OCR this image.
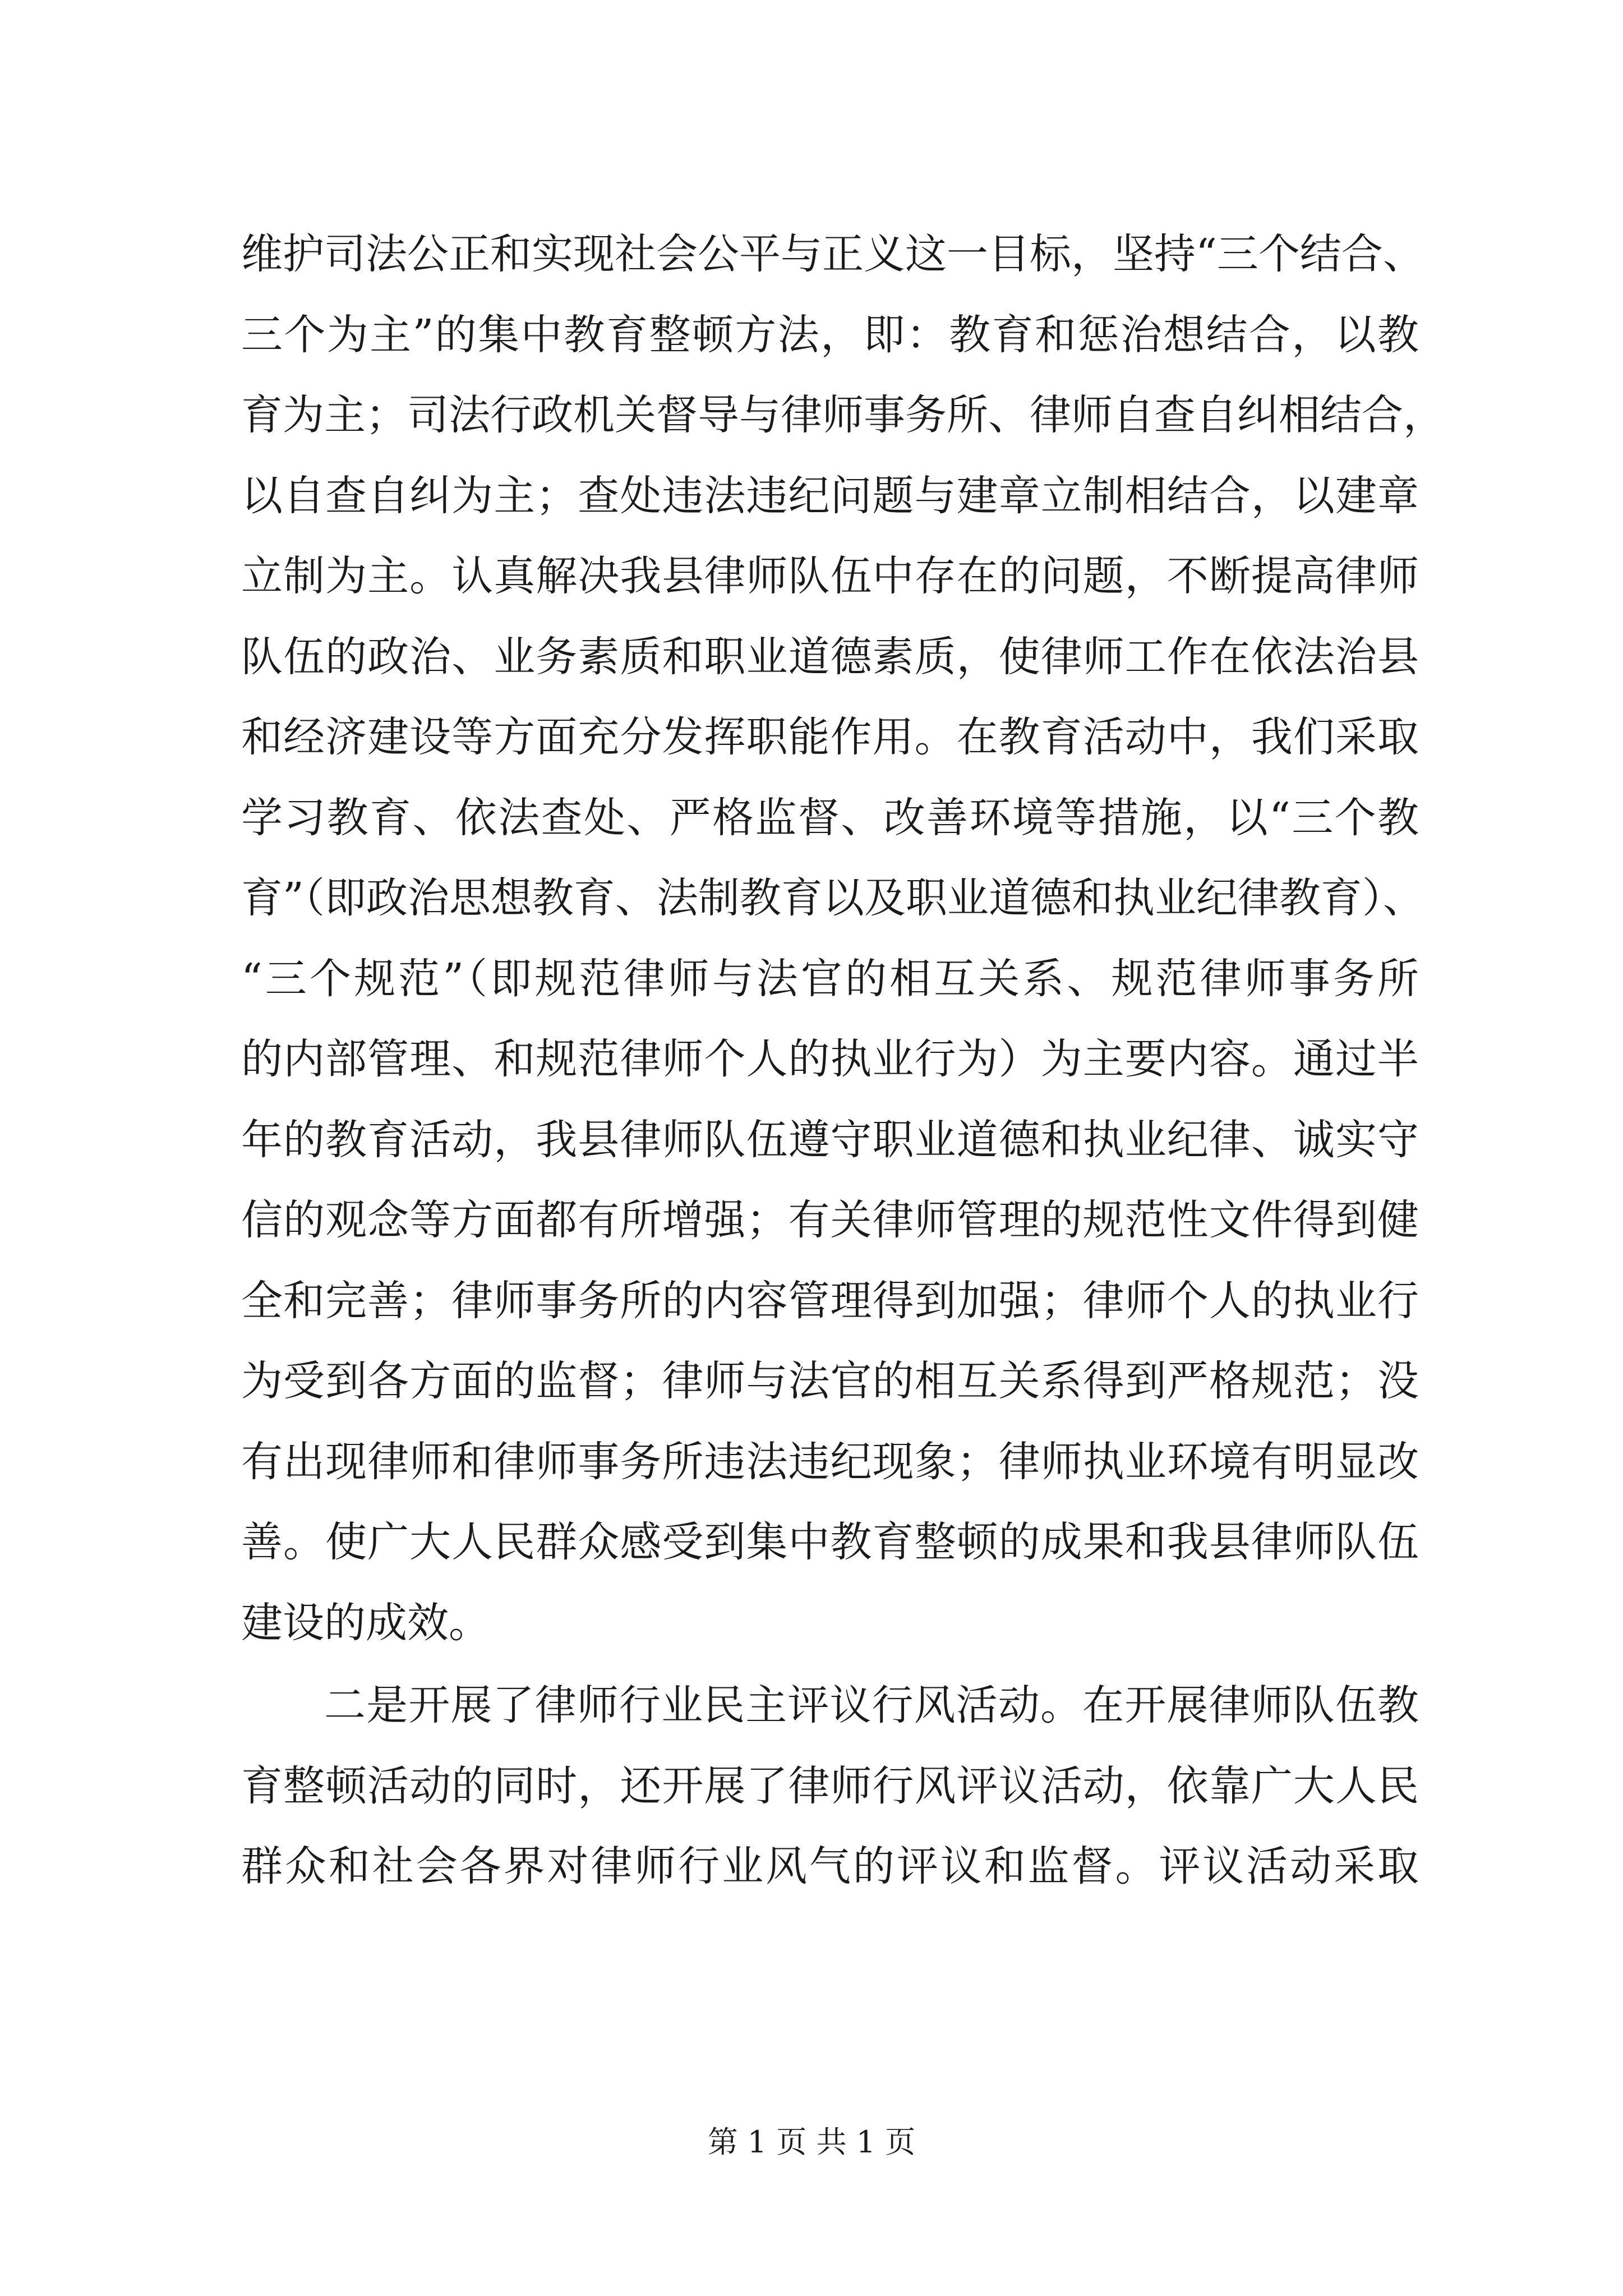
维护司法公正和实现社会公平与正义这一目标，坚持“三个结合、
三个为主”的集中教育整顿方法，即：教育和惩治想结合，以教
育为主；司法行政机关督导与律师事务所、律师自查自纠相结合，
以自查自纠为主；查处违法违纪问题与建章立制相结合，以建章
立制为主。认真解决我县律师队伍中存在的问题，不断提高律师
队伍的政治、业务素质和职业道德素质，使律师工作在依法治县
和经济建设等方面充分发挥职能作用。在教育活动中，我们采取
学习教育、依法查处、严格监督、改善环境等措施，以“三个教
育”（即政治思想教育、法制教育以及职业道德和执业纪律教育）、
“三个规范”（即规范律师与法官的相互关系、规范律师事务所
的内部管理、和规范律师个人的执业行为）为主要内容。通过半
年的教育活动，我县律师队伍遵守职业道德和执业纪律、诚实守
信的观念等方面都有所增强；有关律师管理的规范性文件得到健
全和完善；律师事务所的内容管理得到加强；律师个人的执业行
为受到各方面的监督；律师与法官的相互关系得到严格规范；没
有出现律师和律师事务所违法违纪现象；律师执业环境有明显改
善。使广大人民群众感受到集中教育整顿的成果和我县律师队伍
建设的成效。
二是开展了律师行业民主评议行风活动。在开展律师队伍教
育整顿活动的同时，还开展了律师行风评议活动，依靠广大人民
群众和社会各界对律师行业风气的评议和监督。评议活动采取
第 1 页 共 1 页
